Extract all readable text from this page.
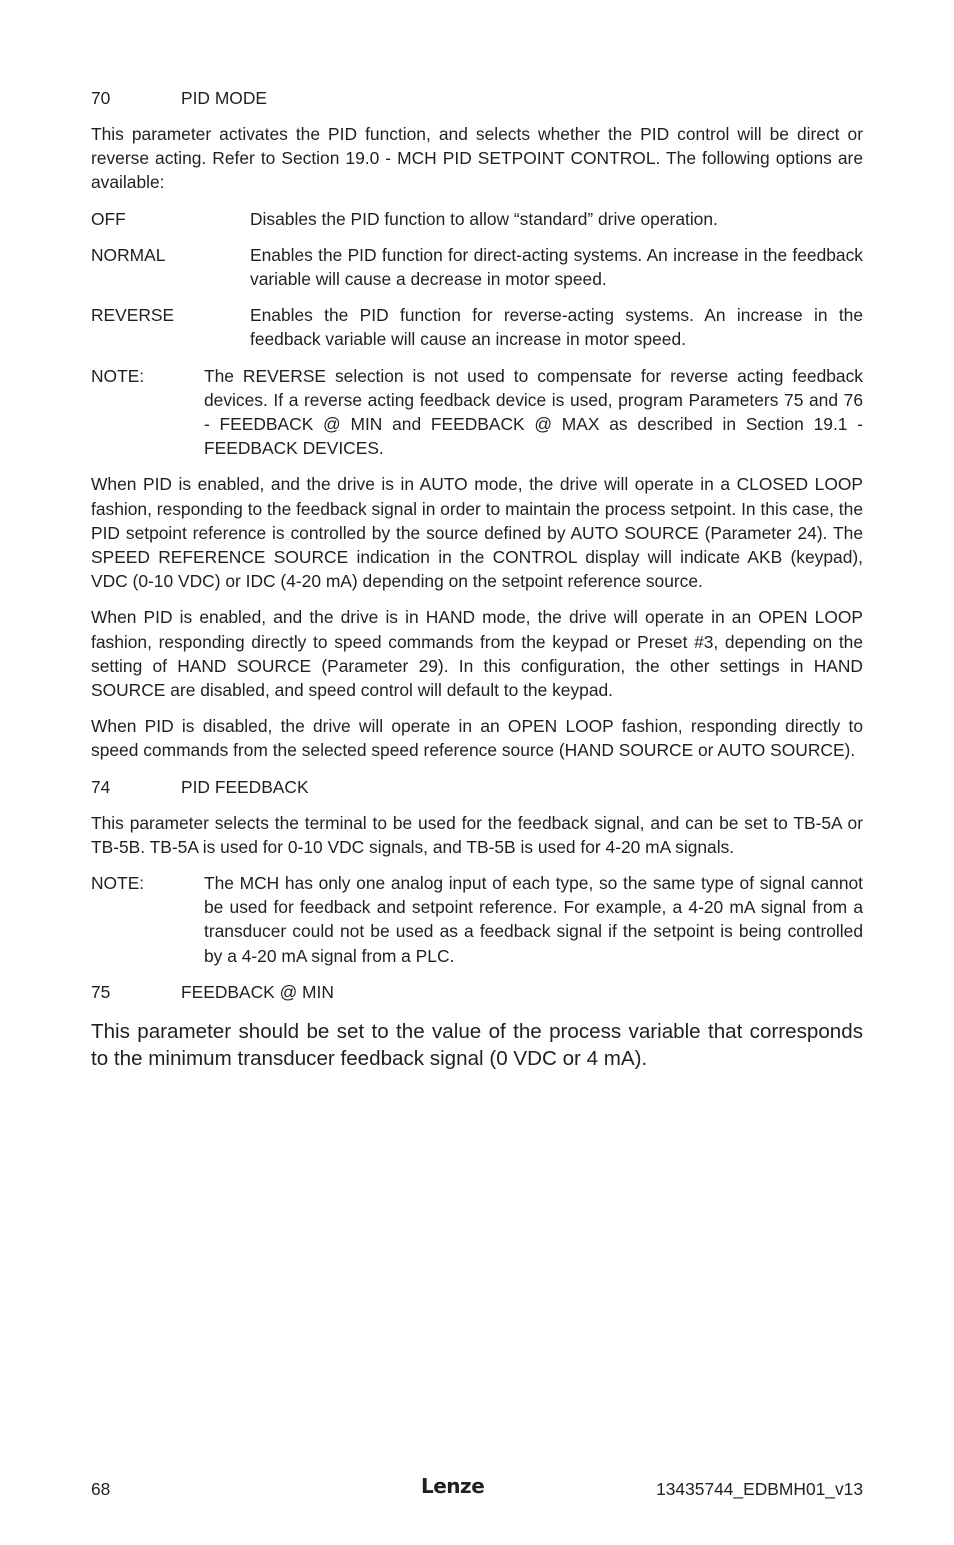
70	PID MODE

This parameter activates the PID function, and selects whether the PID control will be direct or reverse acting. Refer to Section 19.0 - MCH PID SETPOINT CONTROL. The following options are available:

OFF	Disables the PID function to allow “standard” drive operation.
NORMAL	Enables the PID function for direct-acting systems. An increase in the feedback variable will cause a decrease in motor speed.
REVERSE	Enables the PID function for reverse-acting systems. An increase in the feedback variable will cause an increase in motor speed.
NOTE:	The REVERSE selection is not used to compensate for reverse acting feedback devices. If a reverse acting feedback device is used, program Parameters 75 and 76 - FEEDBACK @ MIN and FEEDBACK @ MAX as described in Section 19.1 - FEEDBACK DEVICES.

When PID is enabled, and the drive is in AUTO mode, the drive will operate in a CLOSED LOOP fashion, responding to the feedback signal in order to maintain the process setpoint. In this case, the PID setpoint reference is controlled by the source deﬁned by AUTO SOURCE (Parameter 24). The SPEED REFERENCE SOURCE indication in the CONTROL display will indicate AKB (keypad), VDC (0-10 VDC) or IDC (4-20 mA) depending on the setpoint reference source.

When PID is enabled, and the drive is in HAND mode, the drive will operate in an OPEN LOOP fashion, responding directly to speed commands from the keypad or Preset #3, depending on the setting of HAND SOURCE (Parameter 29). In this conﬁguration, the other settings in HAND SOURCE are disabled, and speed control will default to the keypad.

When PID is disabled, the drive will operate in an OPEN LOOP fashion, responding directly to speed commands from the selected speed reference source (HAND SOURCE or AUTO SOURCE).

74	PID FEEDBACK

This parameter selects the terminal to be used for the feedback signal, and can be set to TB-5A or TB-5B. TB-5A is used for 0-10 VDC signals, and TB-5B is used for 4-20 mA signals.

NOTE:	The MCH has only one analog input of each type, so the same type of signal cannot be used for feedback and setpoint reference. For example, a 4-20 mA signal from a transducer could not be used as a feedback signal if the setpoint is being controlled by a 4-20 mA signal from a PLC.
75	FEEDBACK @ MIN

This parameter should be set to the value of the process variable that corresponds to the minimum transducer feedback signal (0 VDC or 4 mA).

68	Lenze	13435744_EDBMH01_v13
